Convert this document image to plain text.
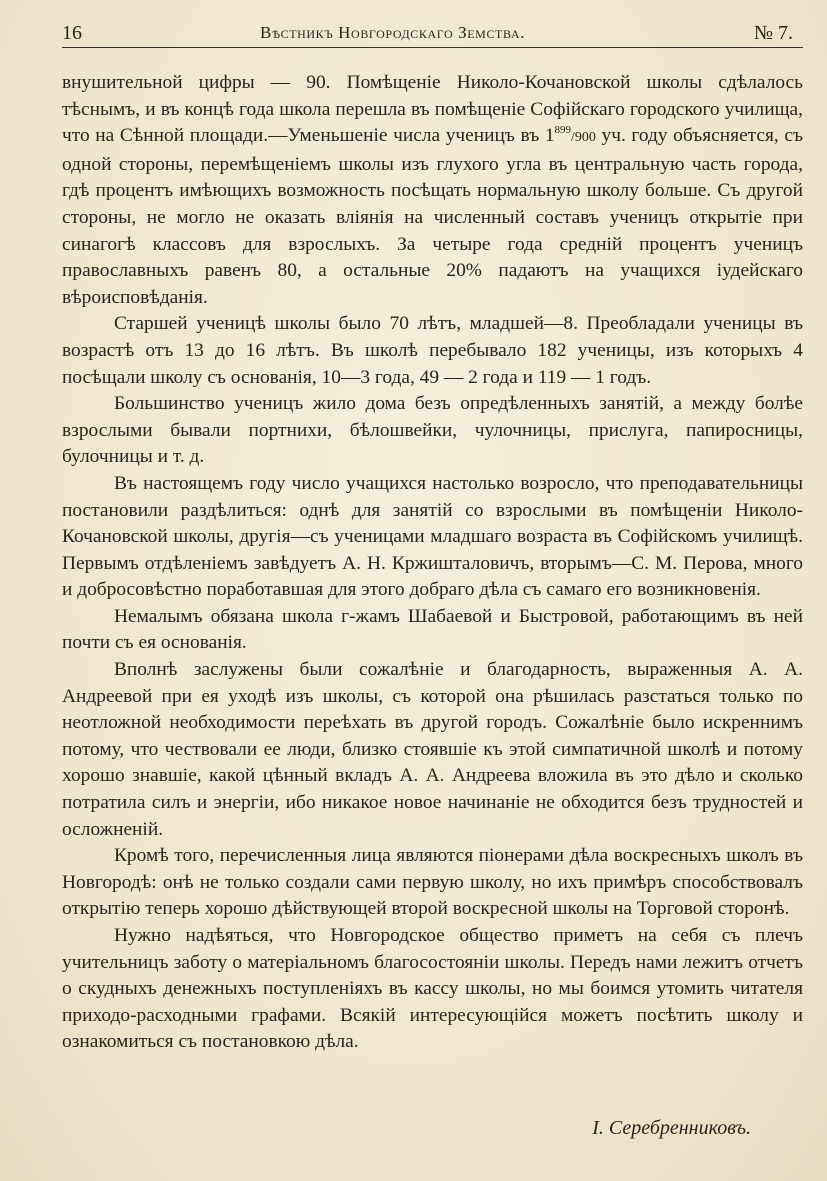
16	Вѣстникъ Новгородскаго Земства.	№ 7.

внушительной цифры — 90. Помѣщеніе Николо-Кочановской школы сдѣлалось тѣснымъ, и въ концѣ года школа перешла въ помѣщеніе Софійскаго городского училища, что на Сѣнной площади.—Уменьшеніе числа ученицъ въ $1^{899}/900$ уч. году объясняется, съ одной стороны, перемѣщеніемъ школы изъ глухого угла въ центральную часть города, гдѣ процентъ имѣющихъ возможность посѣщать нормальную школу больше. Съ другой стороны, не могло не оказать вліянія на численный составъ ученицъ открытіе при синагогѣ классовъ для взрослыхъ. За четыре года средній процентъ ученицъ православныхъ равенъ 80, а остальные 20% падаютъ на учащихся іудейскаго вѣроисповѣданія.

Старшей ученицѣ школы было 70 лѣтъ, младшей—8. Преобладали ученицы въ возрастѣ отъ 13 до 16 лѣтъ. Въ школѣ перебывало 182 ученицы, изъ которыхъ 4 посѣщали школу съ основанія, 10—3 года, 49 — 2 года и 119 — 1 годъ.

Большинство ученицъ жило дома безъ опредѣленныхъ занятій, а между болѣе взрослыми бывали портнихи, бѣлошвейки, чулочницы, прислуга, папиросницы, булочницы и т. д.

Въ настоящемъ году число учащихся настолько возросло, что преподавательницы постановили раздѣлиться: однѣ для занятій со взрослыми въ помѣщеніи Николо-Кочановской школы, другія—съ ученицами младшаго возраста въ Софійскомъ училищѣ. Первымъ отдѣленіемъ завѣдуетъ А. Н. Кржишталовичъ, вторымъ—С. М. Перова, много и добросовѣстно поработавшая для этого добраго дѣла съ самаго его возникновенія.

Немалымъ обязана школа г-жамъ Шабаевой и Быстровой, работающимъ въ ней почти съ ея основанія.

Вполнѣ заслужены были сожалѣніе и благодарность, выраженныя А. А. Андреевой при ея уходѣ изъ школы, съ которой она рѣшилась разстаться только по неотложной необходимости переѣхать въ другой городъ. Сожалѣніе было искреннимъ потому, что чествовали ее люди, близко стоявшіе къ этой симпатичной школѣ и потому хорошо знавшіе, какой цѣнный вкладъ А. А. Андреева вложила въ это дѣло и сколько потратила силъ и энергіи, ибо никакое новое начинаніе не обходится безъ трудностей и осложненій.

Кромѣ того, перечисленныя лица являются піонерами дѣла воскресныхъ школъ въ Новгородѣ: онѣ не только создали сами первую школу, но ихъ примѣръ способствовалъ открытію теперь хорошо дѣйствующей второй воскресной школы на Торговой сторонѣ.

Нужно надѣяться, что Новгородское общество приметъ на себя съ плечъ учительницъ заботу о матеріальномъ благосостояніи школы. Передъ нами лежитъ отчетъ о скудныхъ денежныхъ поступленіяхъ въ кассу школы, но мы боимся утомить читателя приходо-расходными графами. Всякій интересующійся можетъ посѣтить школу и ознакомиться съ постановкою дѣла.

І. Серебренниковъ.
